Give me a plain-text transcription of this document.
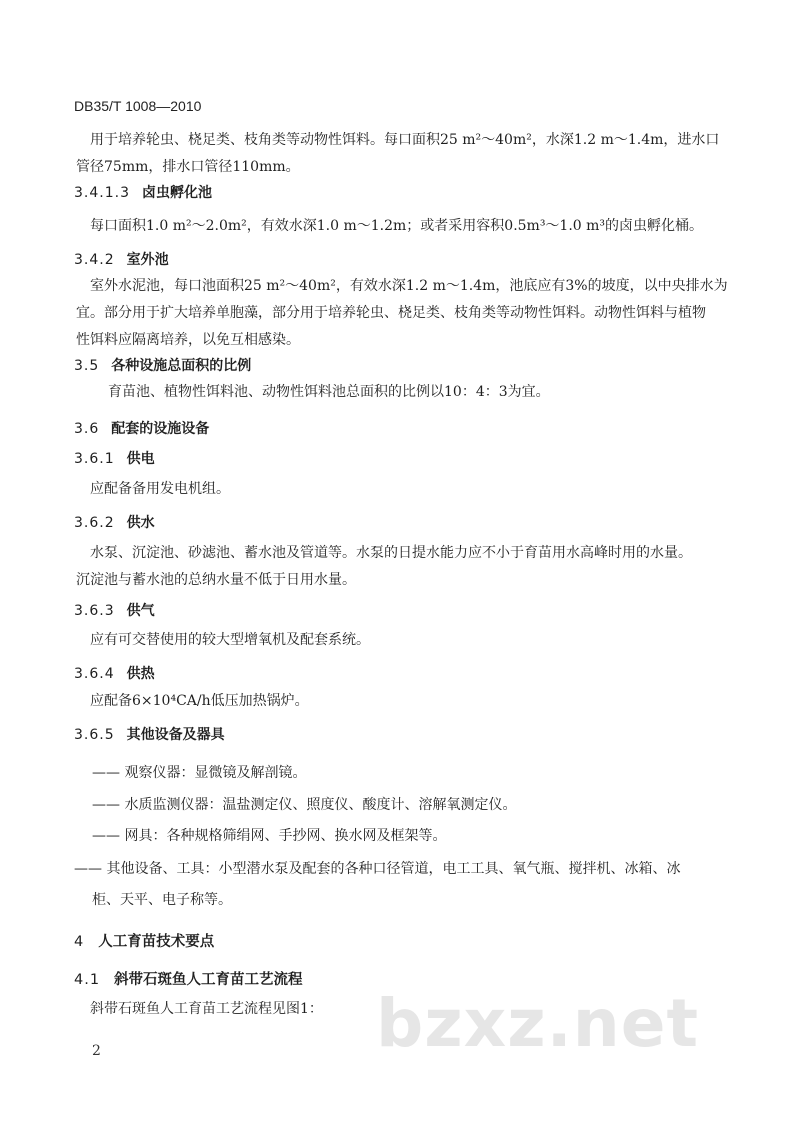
DB35/T 1008—2010
用于培养轮虫、桡足类、枝角类等动物性饵料。每口面积25 m²～40m²，水深1.2 m～1.4m，进水口
管径75mm，排水口管径110mm。
3.4.1.3 卤虫孵化池
每口面积1.0 m²～2.0m²，有效水深1.0 m～1.2m；或者采用容积0.5m³～1.0 m³的卤虫孵化桶。
3.4.2 室外池
室外水泥池，每口池面积25 m²～40m²，有效水深1.2 m～1.4m，池底应有3%的坡度，以中央排水为
宜。部分用于扩大培养单胞藻，部分用于培养轮虫、桡足类、枝角类等动物性饵料。动物性饵料与植物
性饵料应隔离培养，以免互相感染。
3.5 各种设施总面积的比例
育苗池、植物性饵料池、动物性饵料池总面积的比例以10：4：3为宜。
3.6 配套的设施设备
3.6.1 供电
应配备备用发电机组。
3.6.2 供水
水泵、沉淀池、砂滤池、蓄水池及管道等。水泵的日提水能力应不小于育苗用水高峰时用的水量。
沉淀池与蓄水池的总纳水量不低于日用水量。
3.6.3 供气
应有可交替使用的较大型增氧机及配套系统。
3.6.4 供热
应配备6×10⁴CA/h低压加热锅炉。
3.6.5 其他设备及器具
—— 观察仪器：显微镜及解剖镜。
—— 水质监测仪器：温盐测定仪、照度仪、酸度计、溶解氧测定仪。
—— 网具：各种规格筛绢网、手抄网、换水网及框架等。
—— 其他设备、工具：小型潜水泵及配套的各种口径管道，电工工具、氧气瓶、搅拌机、冰箱、冰
柜、天平、电子称等。
4 人工育苗技术要点
4.1 斜带石斑鱼人工育苗工艺流程
斜带石斑鱼人工育苗工艺流程见图1： bzxz.net
2
